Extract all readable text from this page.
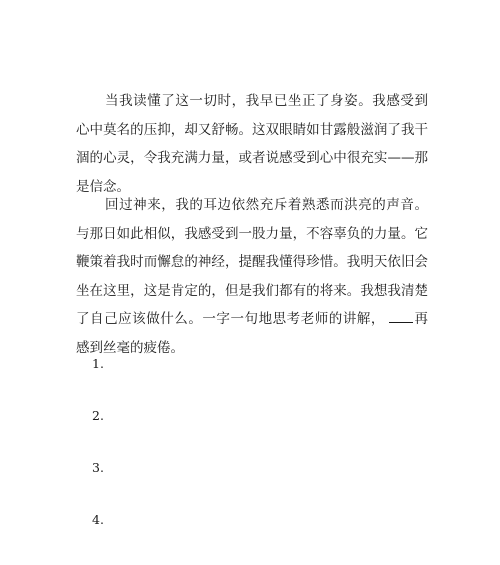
当我读懂了这一切时，我早已坐正了身姿。我感受到心中莫名的压抑，却又舒畅。这双眼睛如甘露般滋润了我干涸的心灵，令我充满力量，或者说感受到心中很充实——那是信念。

回过神来，我的耳边依然充斥着熟悉而洪亮的声音。与那日如此相似，我感受到一股力量，不容辜负的力量。它鞭策着我时而懈怠的神经，提醒我懂得珍惜。我明天依旧会坐在这里，这是肯定的，但是我们都有的将来。我想我清楚了自己应该做什么。一字一句地思考老师的讲解， 再感到丝毫的疲倦。

1.

2.

3.

4.
